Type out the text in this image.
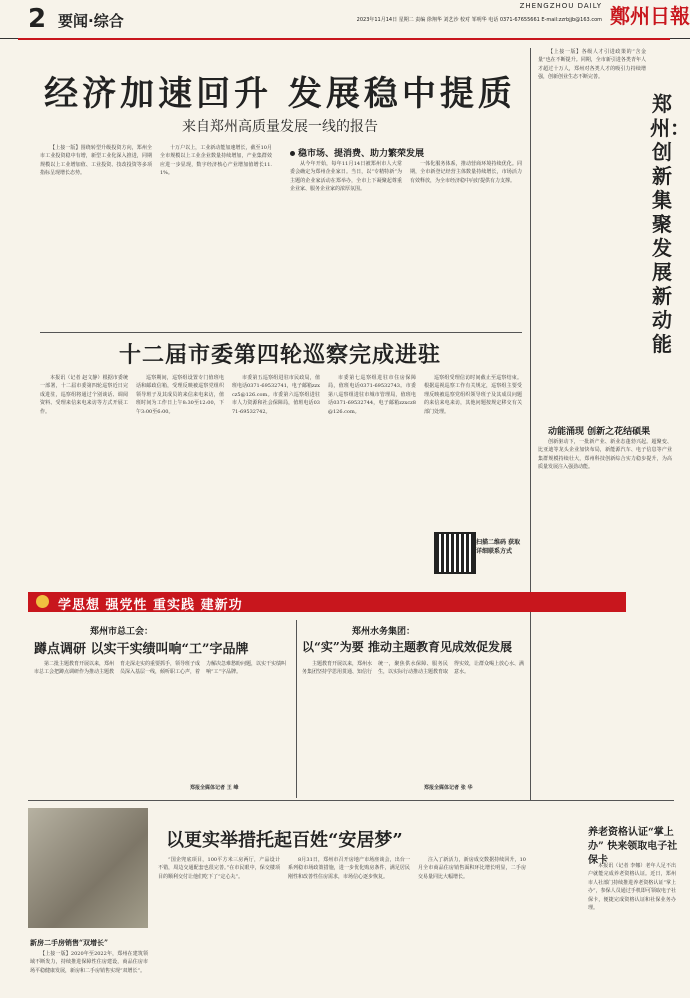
2 要闻·综合
ZHENGZHOU DAILY 鄭州日報
2023年11月14日 星期二 责编 徐翔华 刘艺沙 校对 邹明华 电话 0371-67655661 E-mail:zzrbjjb@163.com
经济加速回升 发展稳中提质
来自郑州高质量发展一线的报告

【上接一版】围绕转型升级投资方向，郑州全市工业投资稳中有增，新型工业化深入推进，同期规模以上工业增加值、工业投资、技改投资等多项指标呈现增长态势。

十万户以上，工业新动能加速增长，截至10月全市规模以上工业企业数量持续增加，产业集群效应进一步显现，数字经济核心产业增加值增长11.1%。

稳市场、提消费、助力繁荣发展

从今年开始，每年11月14日被郑州市人大常委会确定为郑州企业家日。当日，以“专精特新”为主题的企业家活动在郑举办，全市上下凝聚起尊重企业家、服务企业家的浓厚氛围。

一体化服务体系，推动营商环境持续优化。同期，全市新登记经营主体数量持续增长，市场活力有效释放，为全市经济稳中向好提供有力支撑。

【上接一版】各级人才引进政策的“含金量”也在不断提升。同期，全市新引进各类青年人才超过十万人，郑州对各类人才的吸引力持续增强，创新创业生态不断完善。

郑州：创新集聚发展新动能
动能涌现 创新之花结硕果

创新驱动下，一批新产业、新业态蓬勃兴起。超聚变、比亚迪等龙头企业加快布局，新能源汽车、电子信息等产业集群规模持续壮大，郑州科技创新综合实力稳步提升，为高质量发展注入强劲动能。

十二届市委第四轮巡察完成进驻

本报讯（记者 赵文静）根据市委统一部署，十二届市委第四轮巡察近日完成进驻，巡察组将通过个别谈话、调阅资料、受理来信来电来访等方式开展工作。

巡察期间，巡察组设置专门值班电话和邮政信箱，受理反映被巡察党组织领导班子及其成员的来信来电来访，值班时间为工作日上午8:30至12:00，下午3:00至6:00。

市委第五巡察组进驻市民政局，值班电话0371-69532741，电子邮箱zzxcz5@126.com。市委第六巡察组进驻市人力资源和社会保障局，值班电话0371-69532742。

市委第七巡察组进驻市住房保障局，值班电话0371-69532743。市委第八巡察组进驻市城市管理局，值班电话0371-69532744，电子邮箱zzxcz8@126.com。

巡察组受理信访时间截止至巡察结束。根据巡视巡察工作有关规定，巡察组主要受理反映被巡察党组织领导班子及其成员问题的来信来电来访，其他问题按规定移交有关部门处理。

扫描二维码 获取详细联系方式
学思想 强党性 重实践 建新功
郑州市总工会：
蹲点调研 以实干实绩叫响“工”字品牌

第二批主题教育开展以来，郑州市总工会把蹲点调研作为推动主题教育走深走实的重要抓手，领导班子成员深入基层一线，倾听职工心声，着力解决急难愁盼问题，以实干实绩叫响“工”字品牌。

郑报全媒体记者 王 峰
郑州水务集团：
以“实”为要 推动主题教育见成效促发展

主题教育开展以来，郑州水务集团坚持学思用贯通、知信行统一，聚焦供水保障、服务民生，以实际行动推动主题教育取得实效，让群众喝上放心水、满意水。

郑报全媒体记者 张 华
以更实举措托起百姓“安居梦”
新房二手房销售“双增长”

【上接一版】2020年至2022年，郑州在建筑领域不断发力，持续推进保障性住房建设，商品住房市场平稳健康发展，新房和二手房销售实现“双增长”。

“国企兜底项目，100平方米三房两厅，产品设计不错，周边交通配套也很完善。”在市民眼中，保交楼项目的顺利交付让他们吃下了“定心丸”。

8月31日，郑州市召开房地产市场座谈会，出台一系列稳市场政策措施，进一步优化购房条件，满足居民刚性和改善性住房需求，市场信心逐步恢复。

注入了新活力，新房成交数据持续回升，10月全市商品住房销售面积环比增长明显，二手房交易量同比大幅增长。

养老资格认证“掌上办” 快来领取电子社保卡

本报讯（记者 李娜）老年人足不出户就能完成养老资格认证。近日，郑州市人社部门持续推进养老资格认证“掌上办”，参保人员通过手机即可领取电子社保卡，便捷完成资格认证和社保业务办理。
